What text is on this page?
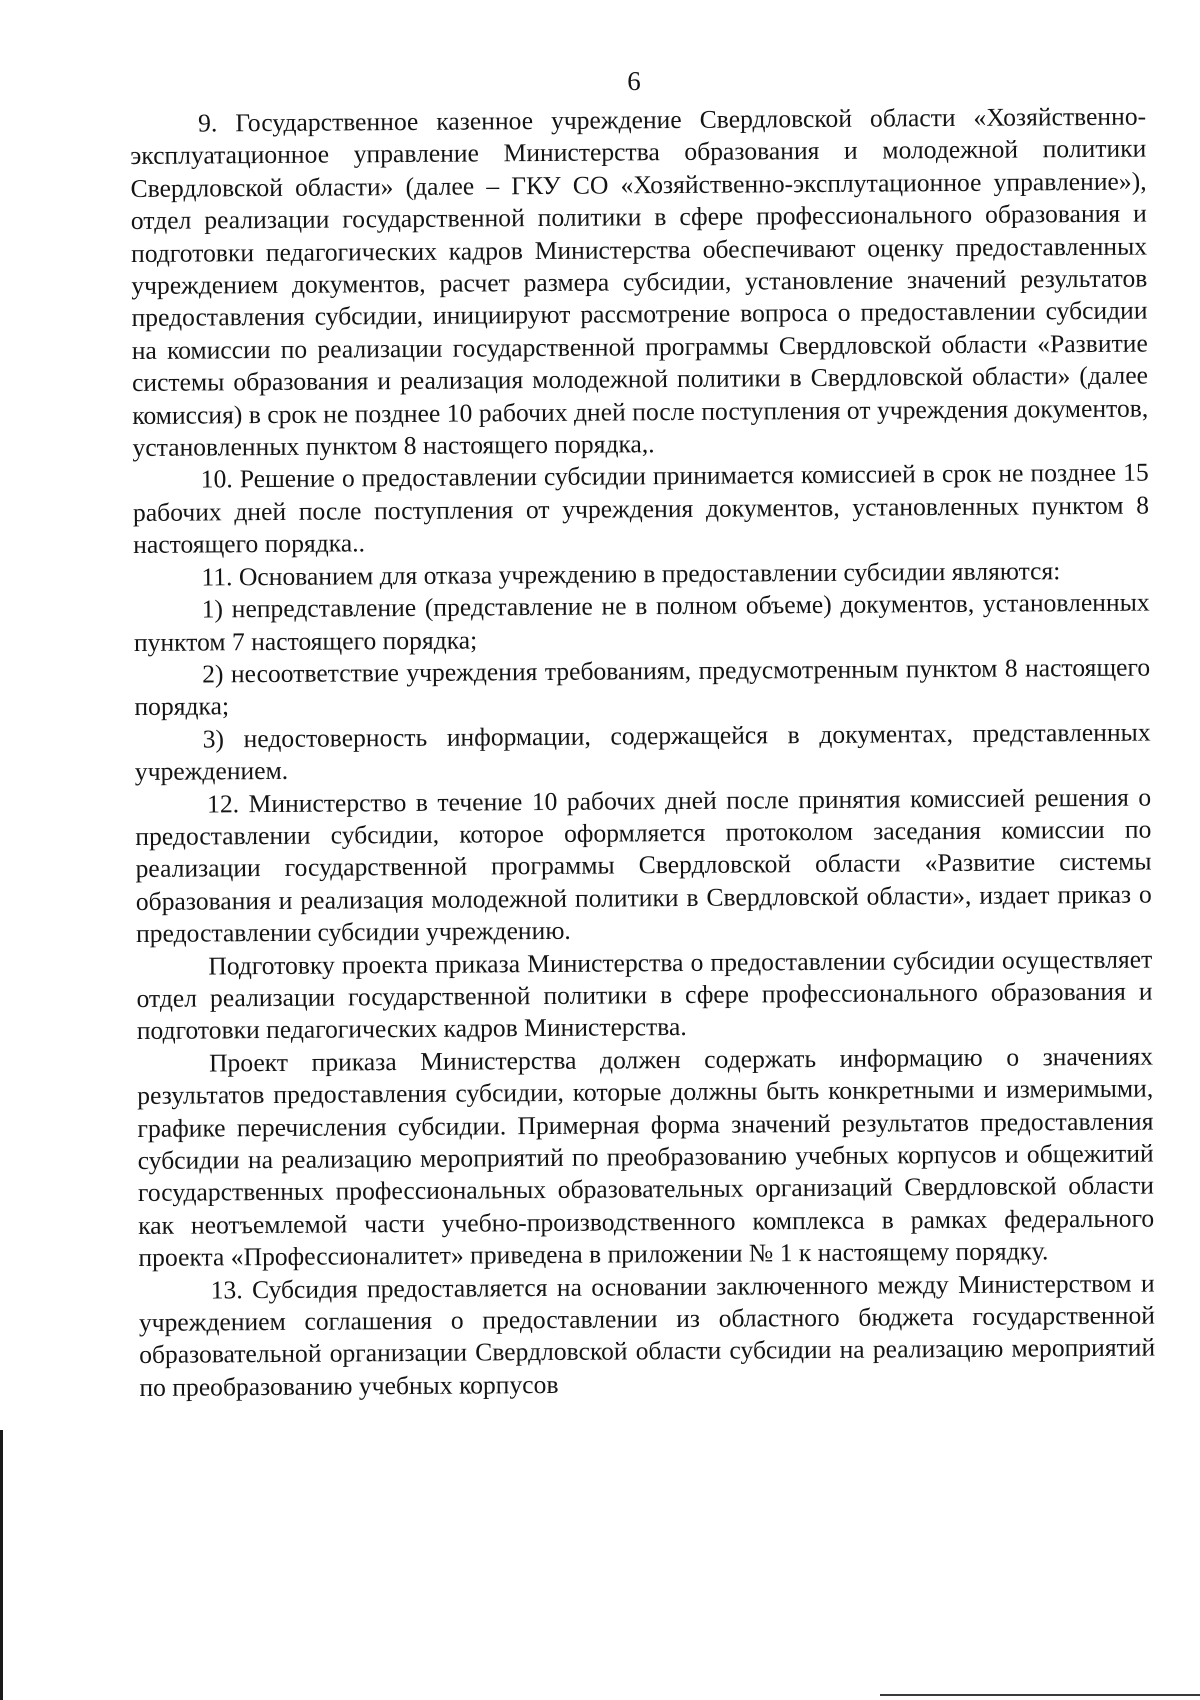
6

9. Государственное казенное учреждение Свердловской области «Хозяйственно-эксплуатационное управление Министерства образования и молодежной политики Свердловской области» (далее – ГКУ СО «Хозяйственно-эксплутационное управление»), отдел реализации государственной политики в сфере профессионального образования и подготовки педагогических кадров Министерства обеспечивают оценку предоставленных учреждением документов, расчет размера субсидии, установление значений результатов предоставления субсидии, инициируют рассмотрение вопроса о предоставлении субсидии на комиссии по реализации государственной программы Свердловской области «Развитие системы образования и реализация молодежной политики в Свердловской области» (далее комиссия) в срок не позднее 10 рабочих дней после поступления от учреждения документов, установленных пунктом 8 настоящего порядка,.

10. Решение о предоставлении субсидии принимается комиссией в срок не позднее 15 рабочих дней после поступления от учреждения документов, установленных пунктом 8 настоящего порядка..

11. Основанием для отказа учреждению в предоставлении субсидии являются:

1) непредставление (представление не в полном объеме) документов, установленных пунктом 7 настоящего порядка;

2) несоответствие учреждения требованиям, предусмотренным пунктом 8 настоящего порядка;

3) недостоверность информации, содержащейся в документах, представленных учреждением.

12. Министерство в течение 10 рабочих дней после принятия комиссией решения о предоставлении субсидии, которое оформляется протоколом заседания комиссии по реализации государственной программы Свердловской области «Развитие системы образования и реализация молодежной политики в Свердловской области», издает приказ о предоставлении субсидии учреждению.

Подготовку проекта приказа Министерства о предоставлении субсидии осуществляет отдел реализации государственной политики в сфере профессионального образования и подготовки педагогических кадров Министерства.

Проект приказа Министерства должен содержать информацию о значениях результатов предоставления субсидии, которые должны быть конкретными и измеримыми, графике перечисления субсидии. Примерная форма значений результатов предоставления субсидии на реализацию мероприятий по преобразованию учебных корпусов и общежитий государственных профессиональных образовательных организаций Свердловской области как неотъемлемой части учебно-производственного комплекса в рамках федерального проекта «Профессионалитет» приведена в приложении № 1 к настоящему порядку.

13. Субсидия предоставляется на основании заключенного между Министерством и учреждением соглашения о предоставлении из областного бюджета государственной образовательной организации Свердловской области субсидии на реализацию мероприятий по преобразованию учебных корпусов
